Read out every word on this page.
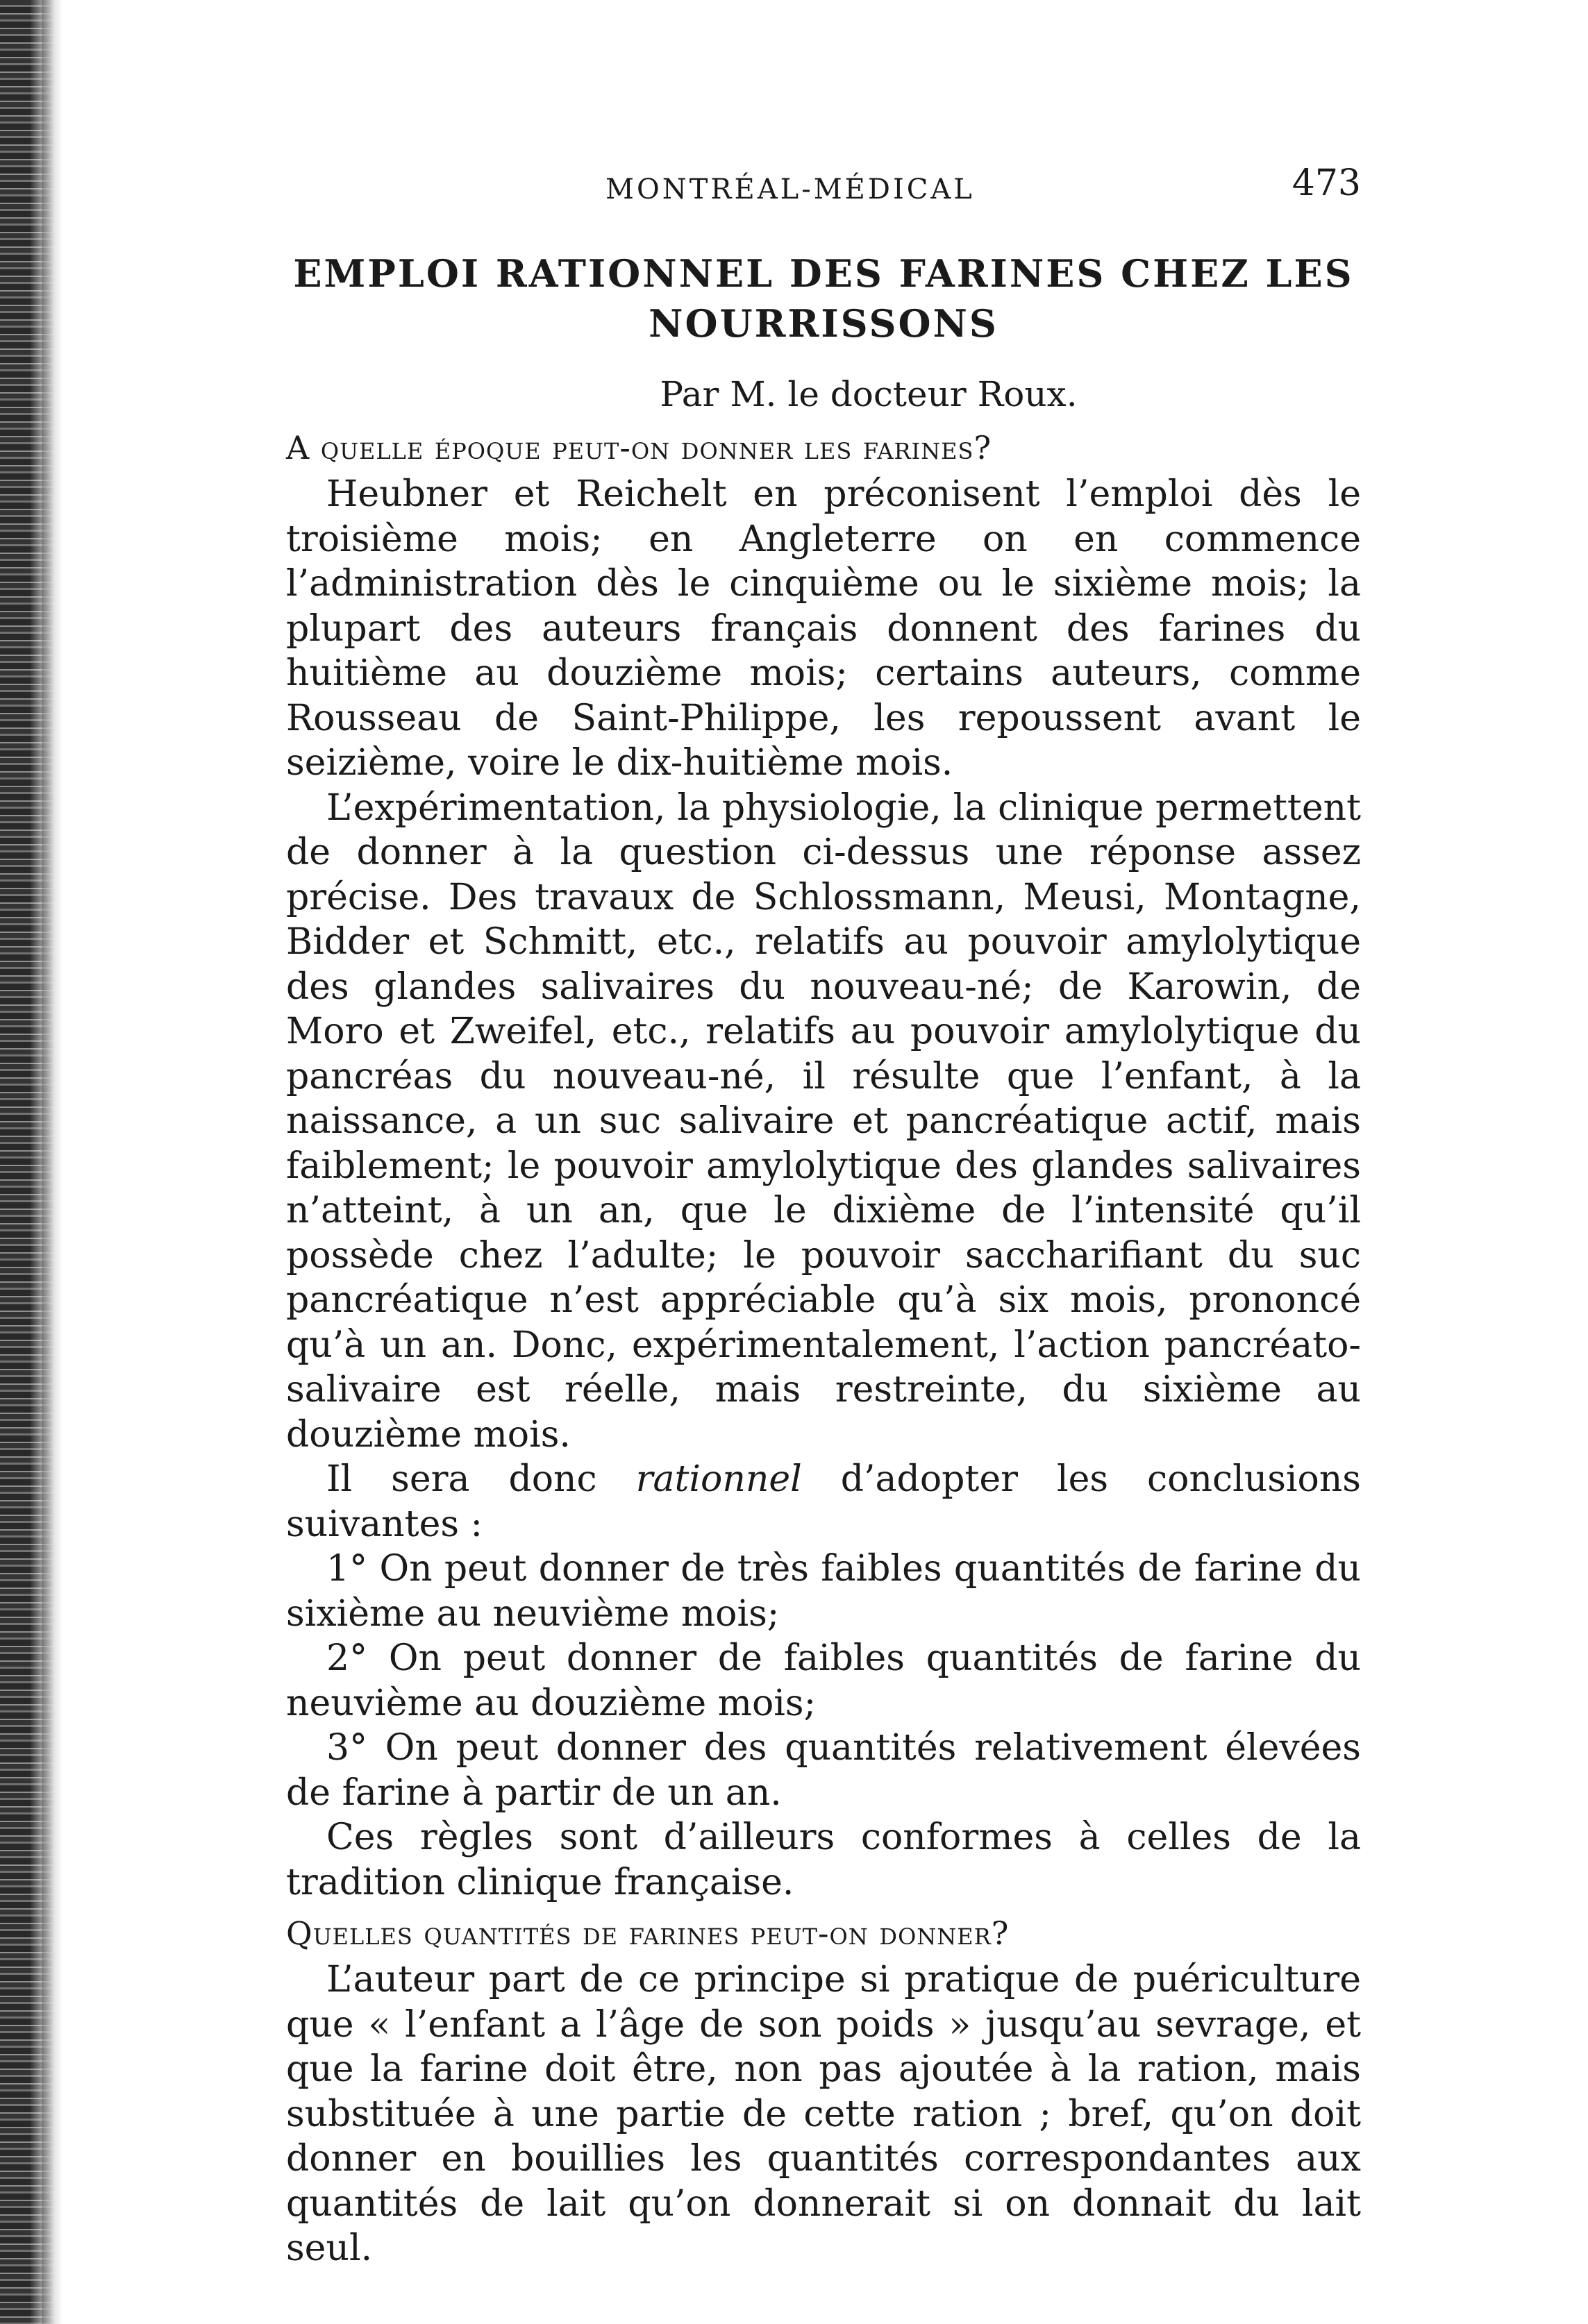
MONTRÉAL-MÉDICAL	473
EMPLOI RATIONNEL DES FARINES CHEZ LES
NOURRISSONS
Par M. le docteur Roux.
A quelle époque peut-on donner les farines?

Heubner et Reichelt en préconisent l’emploi dès le troisième mois; en Angleterre on en commence l’administration dès le cinquième ou le sixième mois; la plupart des auteurs français donnent des farines du huitième au douzième mois; certains auteurs, comme Rousseau de Saint-Philippe, les repoussent avant le seizième, voire le dix-huitième mois.

L’expérimentation, la physiologie, la clinique permettent de donner à la question ci-dessus une réponse assez précise. Des travaux de Schlossmann, Meusi, Montagne, Bidder et Schmitt, etc., relatifs au pouvoir amylolytique des glandes salivaires du nouveau-né; de Karowin, de Moro et Zweifel, etc., relatifs au pouvoir amylolytique du pancréas du nouveau-né, il résulte que l’enfant, à la naissance, a un suc salivaire et pancréatique actif, mais faiblement; le pouvoir amylolytique des glandes salivaires n’atteint, à un an, que le dixième de l’intensité qu’il possède chez l’adulte; le pouvoir saccharifiant du suc pancréatique n’est appréciable qu’à six mois, prononcé qu’à un an. Donc, expérimentalement, l’action pancréato-salivaire est réelle, mais restreinte, du sixième au douzième mois.

Il sera donc rationnel d’adopter les conclusions suivantes :

1° On peut donner de très faibles quantités de farine du sixième au neuvième mois;

2° On peut donner de faibles quantités de farine du neuvième au douzième mois;

3° On peut donner des quantités relativement élevées de farine à partir de un an.

Ces règles sont d’ailleurs conformes à celles de la tradition clinique française.

Quelles quantités de farines peut-on donner?

L’auteur part de ce principe si pratique de puériculture que « l’enfant a l’âge de son poids » jusqu’au sevrage, et que la farine doit être, non pas ajoutée à la ration, mais substituée à une partie de cette ration ; bref, qu’on doit donner en bouillies les quantités correspondantes aux quantités de lait qu’on donnerait si on donnait du lait seul.
